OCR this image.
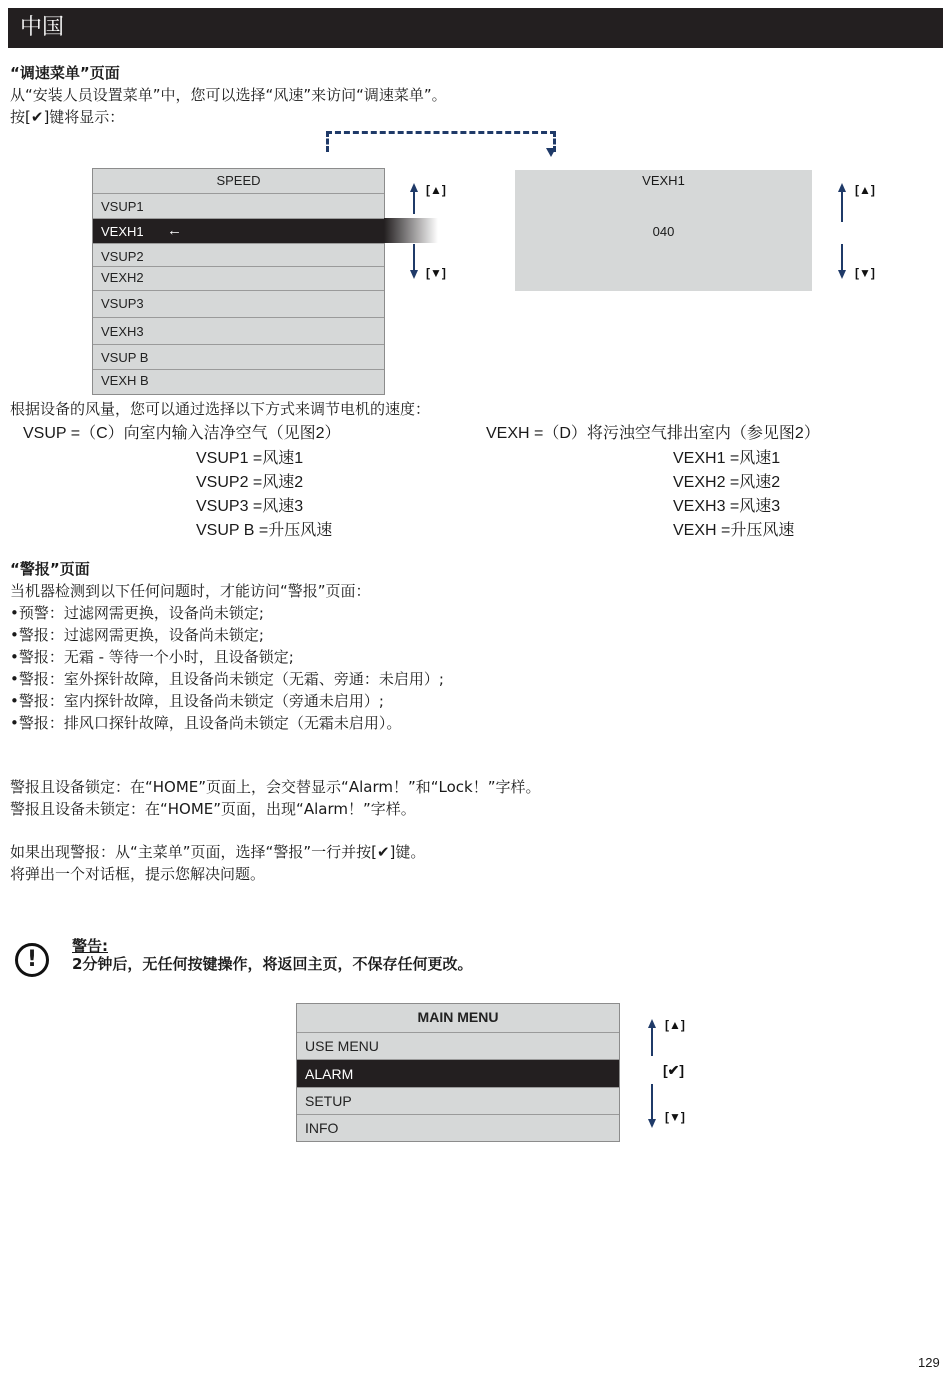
中国
“调速菜单”页面
从“安装人员设置菜单”中，您可以选择“风速”来访问“调速菜单”。
按[✔]键将显示：
SPEED
VSUP1
VEXH1 ←
VSUP2
VEXH2
VSUP3
VEXH3
VSUP B
VEXH B
[▲]
[▼]
VEXH1
040
[▲]
[▼]
根据设备的风量，您可以通过选择以下方式来调节电机的速度：
VSUP =（C）向室内输入洁净空气（见图2）	VEXH =（D）将污浊空气排出室内（参见图2）
VSUP1 =风速1
VSUP2 =风速2
VSUP3 =风速3
VSUP B =升压风速
VEXH1 =风速1
VEXH2 =风速2
VEXH3 =风速3
VEXH =升压风速
“警报”页面
当机器检测到以下任何问题时，才能访问“警报”页面：
•预警：过滤网需更换，设备尚未锁定;
•警报：过滤网需更换，设备尚未锁定;
•警报：无霜 - 等待一个小时，且设备锁定;
•警报：室外探针故障，且设备尚未锁定（无霜、旁通：未启用）;
•警报：室内探针故障，且设备尚未锁定（旁通未启用）;
•警报：排风口探针故障，且设备尚未锁定（无霜未启用）。
警报且设备锁定：在“HOME”页面上，会交替显示“Alarm！”和“Lock！”字样。
警报且设备未锁定：在“HOME”页面，出现“Alarm！”字样。
如果出现警报：从“主菜单”页面，选择“警报”一行并按[✔]键。
将弹出一个对话框，提示您解决问题。
!
警告:
2分钟后，无任何按键操作，将返回主页，不保存任何更改。
MAIN MENU
USE MENU
ALARM
SETUP
INFO
[▲]
[✔]
[▼]
129
